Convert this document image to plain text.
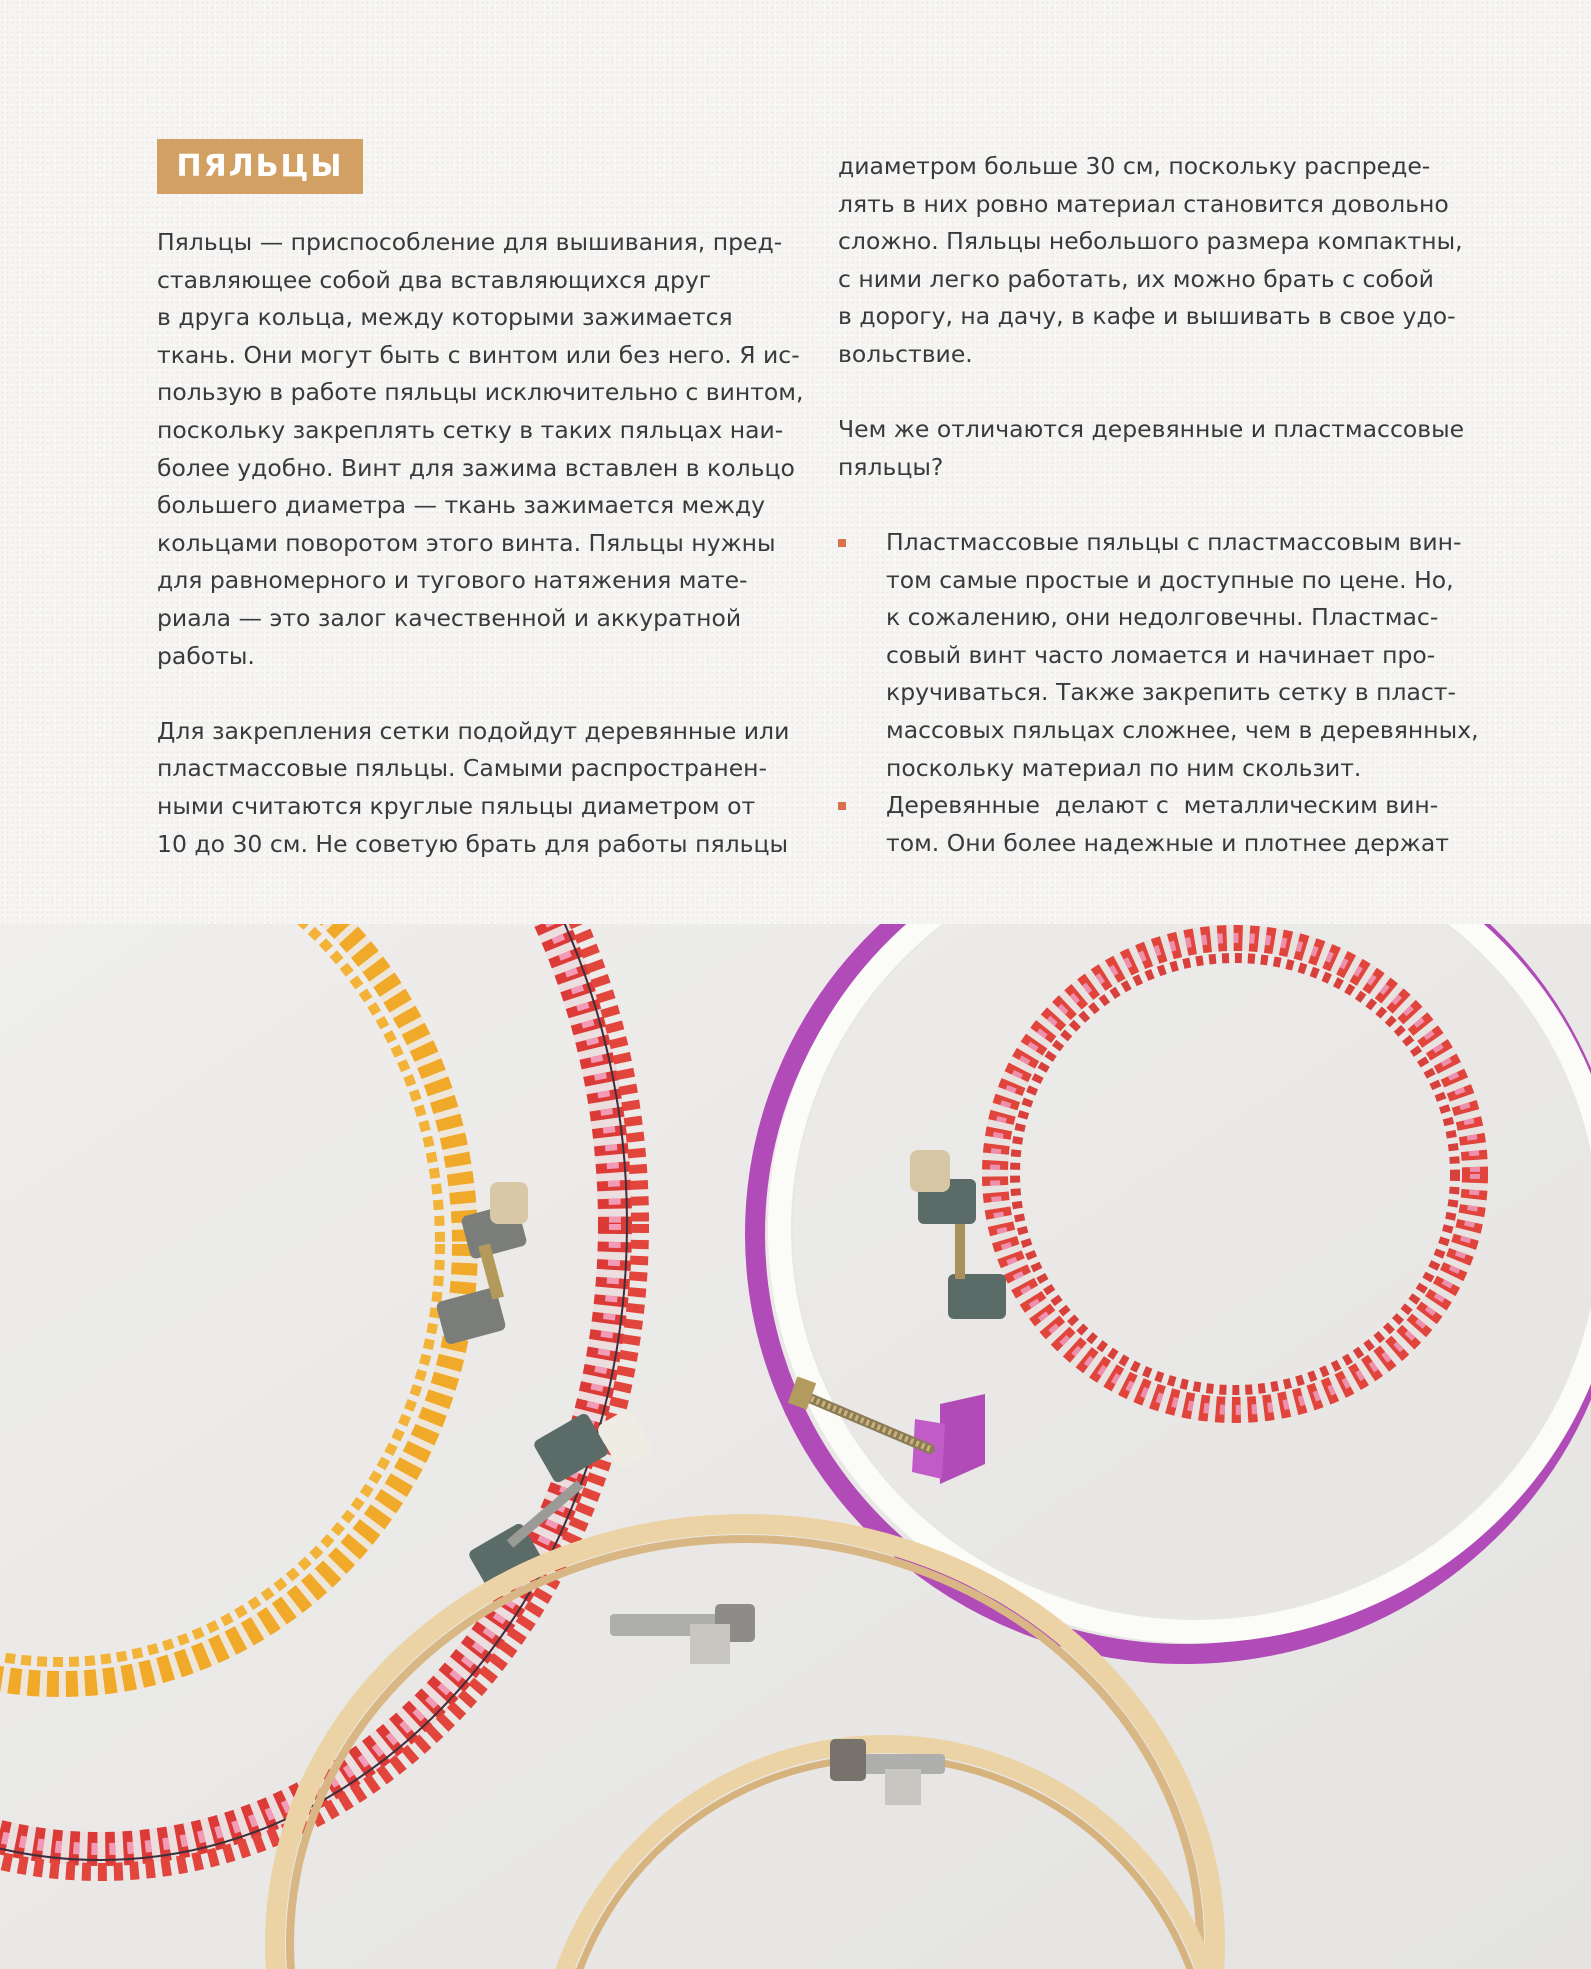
ПЯЛЬЦЫ

Пяльцы — приспособление для вышивания, пред-

ставляющее собой два вставляющихся друг

в друга кольца, между которыми зажимается

ткань. Они могут быть с винтом или без него. Я ис-

пользую в работе пяльцы исключительно с винтом,

поскольку закреплять сетку в таких пяльцах наи-

более удобно. Винт для зажима вставлен в кольцо

большего диаметра — ткань зажимается между

кольцами поворотом этого винта. Пяльцы нужны

для равномерного и тугового натяжения мате-

риала — это залог качественной и аккуратной

работы.

Для закрепления сетки подойдут деревянные или

пластмассовые пяльцы. Самыми распространен-

ными считаются круглые пяльцы диаметром от

10 до 30 см. Не советую брать для работы пяльцы

диаметром больше 30 см, поскольку распреде-

лять в них ровно материал становится довольно

сложно. Пяльцы небольшого размера компактны,

с ними легко работать, их можно брать с собой

в дорогу, на дачу, в кафе и вышивать в свое удо-

вольствие.

Чем же отличаются деревянные и пластмассовые

пяльцы?

Пластмассовые пяльцы с пластмассовым вин-

том самые простые и доступные по цене. Но,

к сожалению, они недолговечны. Пластмас-

совый винт часто ломается и начинает про-

кручиваться. Также закрепить сетку в пласт-

массовых пяльцах сложнее, чем в деревянных,

поскольку материал по ним скользит.

Деревянные  делают с  металлическим вин-

том. Они более надежные и плотнее держат
